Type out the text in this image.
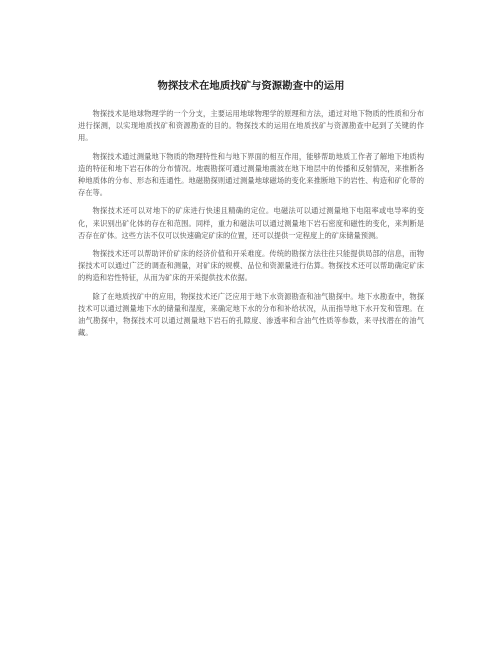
物探技术在地质找矿与资源勘查中的运用

物探技术是地球物理学的一个分支，主要运用地球物理学的原理和方法，通过对地下物质的性质和分布进行探测，以实现地质找矿和资源勘查的目的。物探技术的运用在地质找矿与资源勘查中起到了关键的作用。

物探技术通过测量地下物质的物理特性和与地下界面的相互作用，能够帮助地质工作者了解地下地质构造的特征和地下岩石体的分布情况。地震勘探可通过测量地震波在地下地层中的传播和反射情况，来推断各种地质体的分布、形态和连通性。地磁勘探则通过测量地球磁场的变化来推断地下的岩性、构造和矿化带的存在等。

物探技术还可以对地下的矿床进行快速且精确的定位。电磁法可以通过测量地下电阻率或电导率的变化，来识别出矿化体的存在和范围。同样，重力和磁法可以通过测量地下岩石密度和磁性的变化，来判断是否存在矿体。这些方法不仅可以快速确定矿床的位置，还可以提供一定程度上的矿床储量预测。

物探技术还可以帮助评价矿床的经济价值和开采难度。传统的勘探方法往往只能提供局部的信息，而物探技术可以通过广泛的调查和测量，对矿床的规模、品位和资源量进行估算。物探技术还可以帮助确定矿床的构造和岩性特征，从而为矿床的开采提供技术依据。

除了在地质找矿中的应用，物探技术还广泛应用于地下水资源勘查和油气勘探中。地下水勘查中，物探技术可以通过测量地下水的储量和湿度，来确定地下水的分布和补给状况，从而指导地下水开发和管理。在油气勘探中，物探技术可以通过测量地下岩石的孔隙度、渗透率和含油气性质等参数，来寻找潜在的油气藏。
